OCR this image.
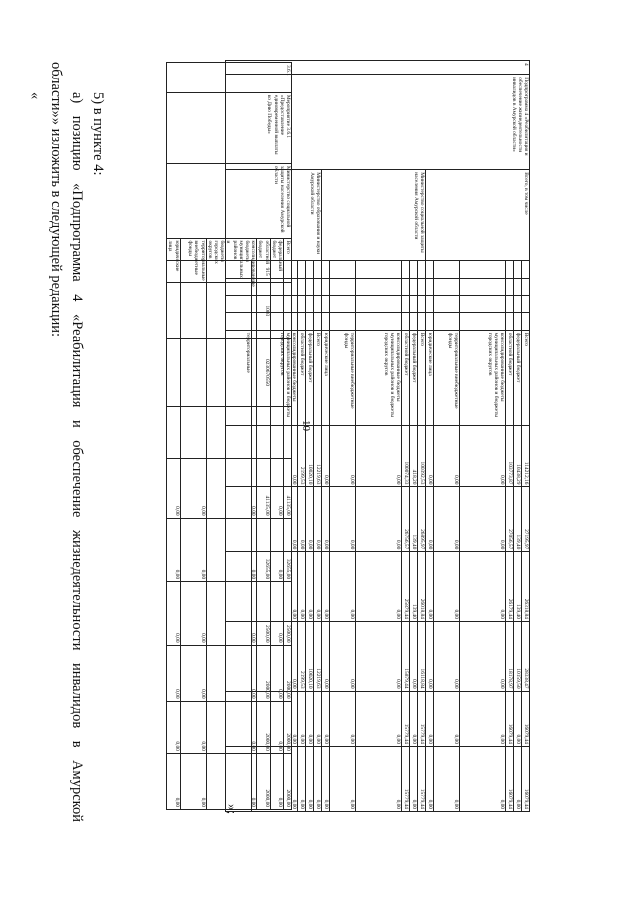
10
3.6.1	Мероприятие 3.6.1 «Предоставление единовременной выплаты ко Дню Победы»	Министерство социальной защиты населения Амурской области	Всего					41135,00	32655,00	2500,00	2000,00	2000,00	2000,00
			федеральный бюджет					0,00	0,00	0,00	0,00	0,00	0,00
			областной бюджет	915	1003	0230670550		41135,00	32655,00	2500,00	2000,00	2000,00	2000,00
			консолидированные бюджеты муниципальных районов и бюджеты городских округов					0,00	0,00	0,00	0,00	0,00	0,00
			территориальные внебюджетные фонды					0,00	0,00	0,00	0,00	0,00	0,00
			юридические лица					0,00	0,00	0,00	0,00	0,00	0,00
5) в пункте 4:
а) позицию «Подпрограмма 4 «Реабилитация и обеспечение жизнедеятельности инвалидов в Амурской
области»» изложить в следующей редакции:
«
»;
4	Подпрограмма 4 «Реабилитация и обеспечение жизнедеятельности инвалидов в Амурской области»	Всего, в том числе					Всего	114212,16	27195,97	26318,84	28338,47	16079,44	16079,44
							федеральный бюджет	10438,29	139,40	139,40	10159,50	0,00	0,00
							областной бюджет	103773,87	27056,57	26179,44	18178,97	16079,44	16079,44
							консолидированные бюджеты муниципальных районов и бюджеты городских округов	0,00	0,00	0,00	0,00	0,00	0,00
							территориальные внебюджетные фонды	0,00	0,00	0,00	0,00	0,00	0,00
							юридические лица	0,00	0,00	0,00	0,00	0,00	0,00
		Министерство социальной защиты населения Амурской области					Всего	100392,53	26895,97	26018,84	16118,84	15779,44	15779,44
							федеральный бюджет	418,20	139,40	139,40	0,00	0,00	0,00
							областной бюджет	100074,33	26756,57	25879,44	15879,44	15779,44	15779,44
							консолидированные бюджеты муниципальных районов и бюджеты городских округов	0,00	0,00	0,00	0,00	0,00	0,00
							территориальные внебюджетные фонды	0,00	0,00	0,00	0,00	0,00	0,00
							юридические лица	0,00	0,00	0,00	0,00	0,00	0,00
		Министерство образования и науки Амурской области					Всего	12219,63	0,00	0,00	12219,63	0,00	0,00
							федеральный бюджет	10020,10	0,00	0,00	10020,10	0,00	0,00
							областной бюджет	2199,53	0,00	0,00	2199,53	0,00	0,00
							консолидированные бюджеты муниципальных районов и бюджеты городских округов	0,00	0,00	0,00	0,00	0,00	0,00
							территориальные						
